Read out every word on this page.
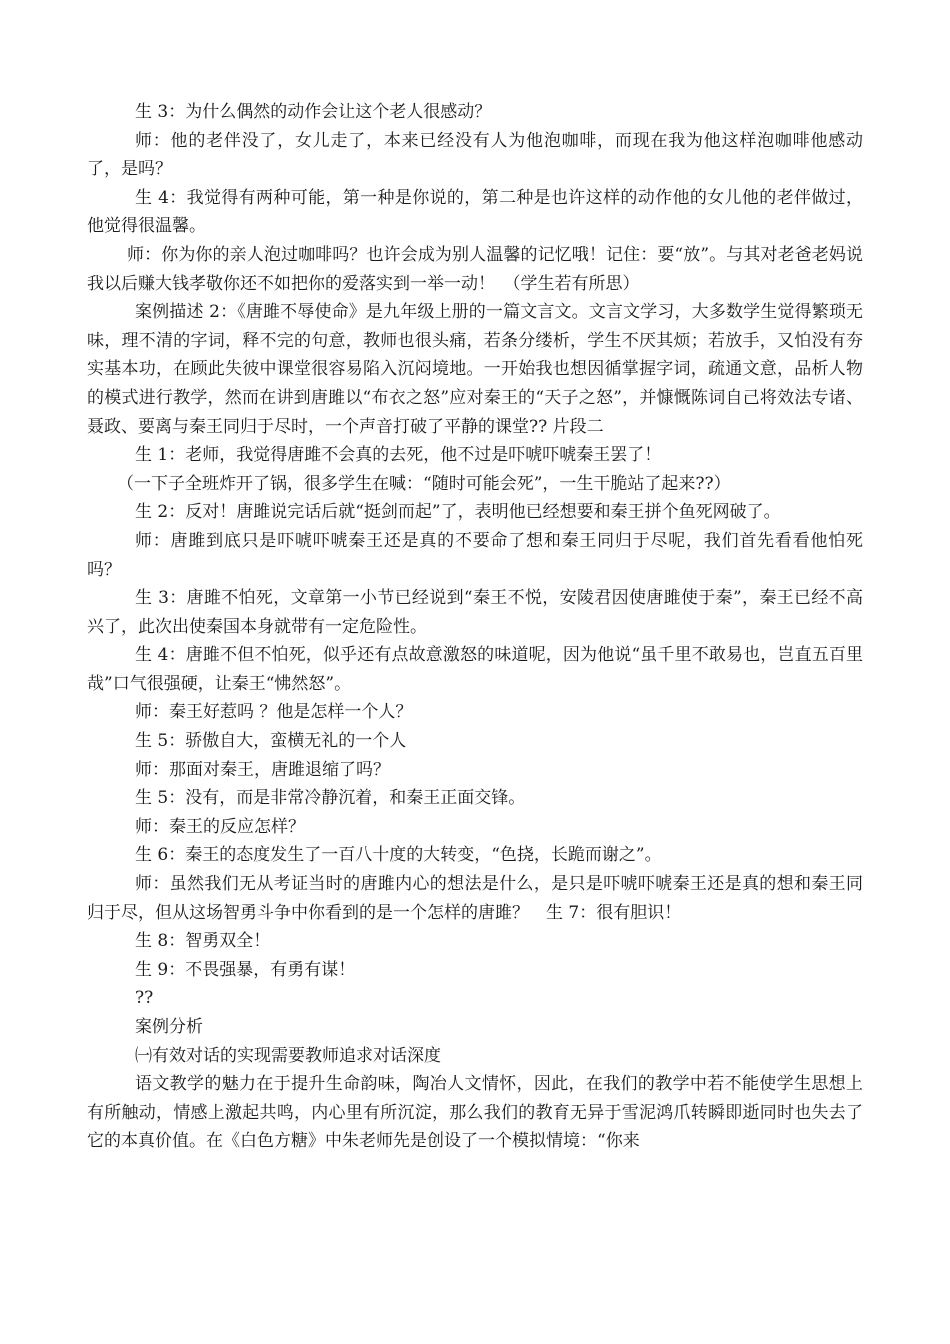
生 3：为什么偶然的动作会让这个老人很感动？

师：他的老伴没了，女儿走了，本来已经没有人为他泡咖啡，而现在我为他这样泡咖啡他感动了，是吗？

生 4：我觉得有两种可能，第一种是你说的，第二种是也许这样的动作他的女儿他的老伴做过，他觉得很温馨。

师：你为你的亲人泡过咖啡吗？也许会成为别人温馨的记忆哦！记住：要“放”。与其对老爸老妈说我以后赚大钱孝敬你还不如把你的爱落实到一举一动！　（学生若有所思）

案例描述 2：《唐雎不辱使命》是九年级上册的一篇文言文。文言文学习，大多数学生觉得繁琐无味，理不清的字词，释不完的句意，教师也很头痛，若条分缕析，学生不厌其烦；若放手，又怕没有夯实基本功，在顾此失彼中课堂很容易陷入沉闷境地。一开始我也想因循掌握字词，疏通文意，品析人物的模式进行教学，然而在讲到唐雎以“布衣之怒”应对秦王的“天子之怒”，并慷慨陈词自己将效法专诸、聂政、要离与秦王同归于尽时，一个声音打破了平静的课堂?? 片段二

生 1：老师，我觉得唐雎不会真的去死，他不过是吓唬吓唬秦王罢了！

（一下子全班炸开了锅，很多学生在喊：“随时可能会死”，一生干脆站了起来??）

生 2：反对！唐雎说完话后就“挺剑而起”了，表明他已经想要和秦王拼个鱼死网破了。

师：唐雎到底只是吓唬吓唬秦王还是真的不要命了想和秦王同归于尽呢，我们首先看看他怕死吗？

生 3：唐雎不怕死，文章第一小节已经说到“秦王不悦，安陵君因使唐雎使于秦”，秦王已经不高兴了，此次出使秦国本身就带有一定危险性。

生 4：唐雎不但不怕死，似乎还有点故意激怒的味道呢，因为他说“虽千里不敢易也，岂直五百里哉”口气很强硬，让秦王“怫然怒”。

师：秦王好惹吗 ？他是怎样一个人？

生 5：骄傲自大，蛮横无礼的一个人

师：那面对秦王，唐雎退缩了吗？

生 5：没有，而是非常冷静沉着，和秦王正面交锋。

师：秦王的反应怎样？

生 6：秦王的态度发生了一百八十度的大转变，“色挠，长跪而谢之”。

师：虽然我们无从考证当时的唐雎内心的想法是什么，是只是吓唬吓唬秦王还是真的想和秦王同归于尽，但从这场智勇斗争中你看到的是一个怎样的唐雎？　生 7：很有胆识！

生 8：智勇双全！

生 9：不畏强暴，有勇有谋！

??

案例分析

㈠有效对话的实现需要教师追求对话深度

语文教学的魅力在于提升生命韵味，陶冶人文情怀，因此，在我们的教学中若不能使学生思想上有所触动，情感上激起共鸣，内心里有所沉淀，那么我们的教育无异于雪泥鸿爪转瞬即逝同时也失去了它的本真价值。在《白色方糖》中朱老师先是创设了一个模拟情境：“你来
